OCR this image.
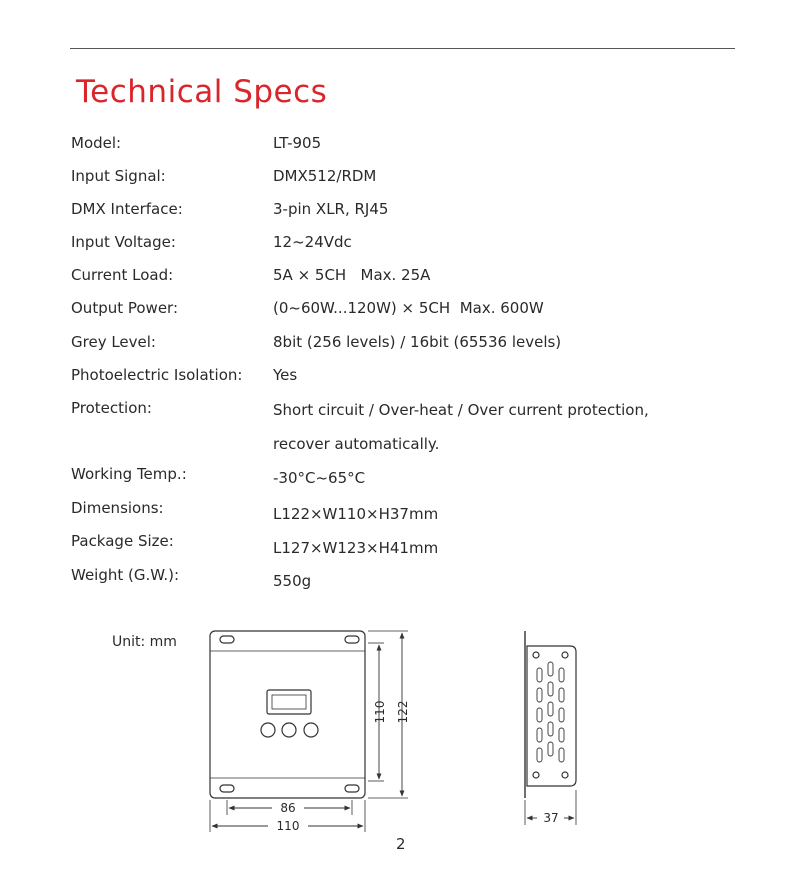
Technical Specs
Model:	LT-905
Input Signal:	DMX512/RDM
DMX Interface:	3-pin XLR, RJ45
Input Voltage:	12~24Vdc
Current Load:	5A × 5CH   Max. 25A
Output Power:	(0~60W...120W) × 5CH  Max. 600W
Grey Level:	8bit (256 levels) / 16bit (65536 levels)
Photoelectric Isolation: Yes
Protection:	Short circuit / Over-heat / Over current protection,
recover automatically.
Working Temp.:	-30°C~65°C
Dimensions:	L122×W110×H37mm
Package Size:	L127×W123×H41mm
Weight (G.W.):	550g
Unit: mm
110 122
86
110
37
2
